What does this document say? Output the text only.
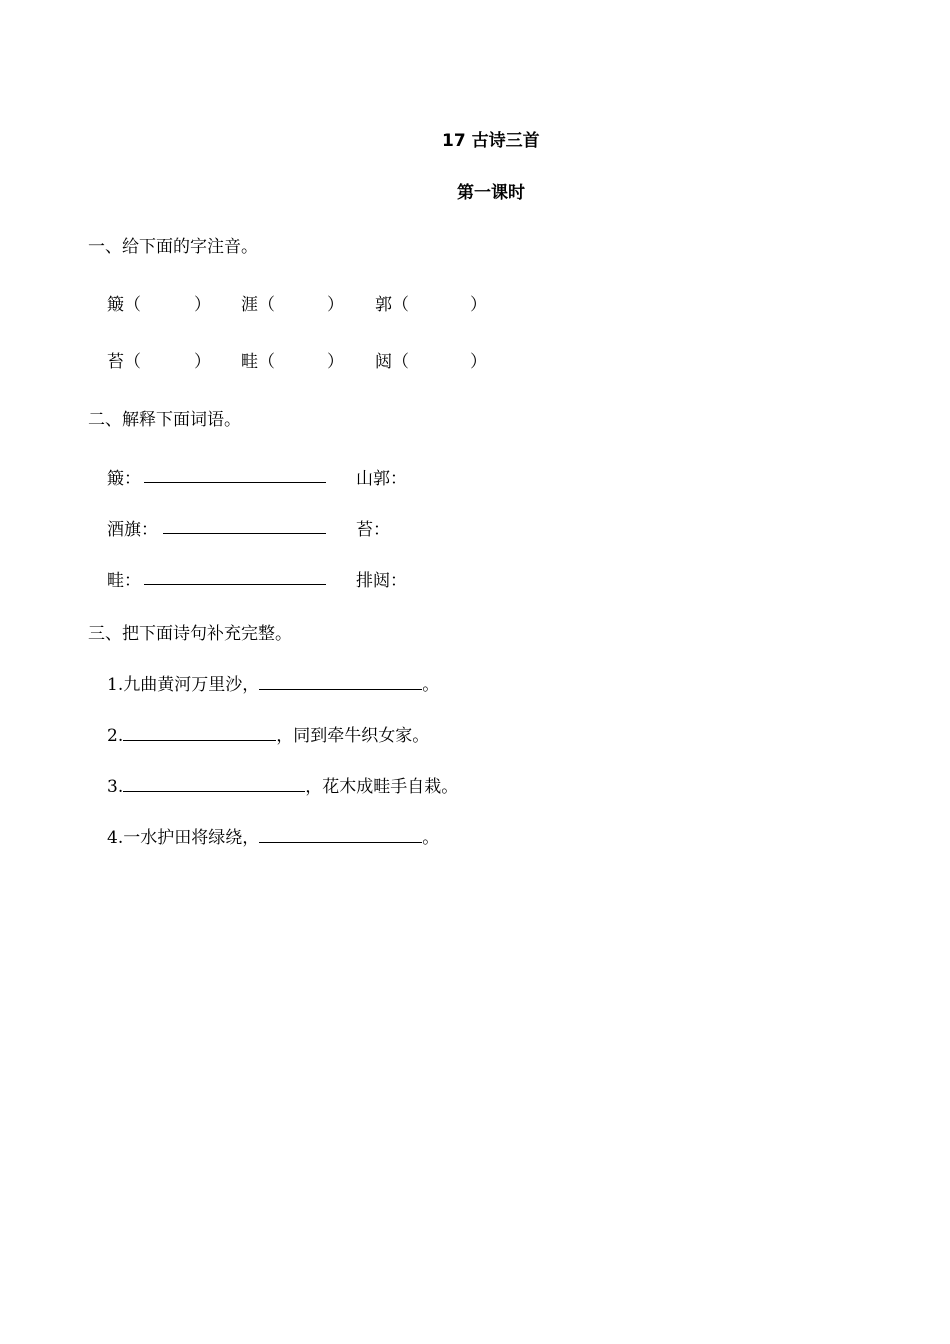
17 古诗三首
第一课时
一、给下面的字注音。
簸（	） 涯（	） 郭（	）
苔（	） 畦（	） 闼（	）
二、解释下面词语。
簸：	山郭：
酒旗：	苔：
畦：	排闼：
三、把下面诗句补充完整。
1.九曲黄河万里沙，	。
2.	，同到牵牛织女家。
3.	，花木成畦手自栽。
4.一水护田将绿绕，	。
